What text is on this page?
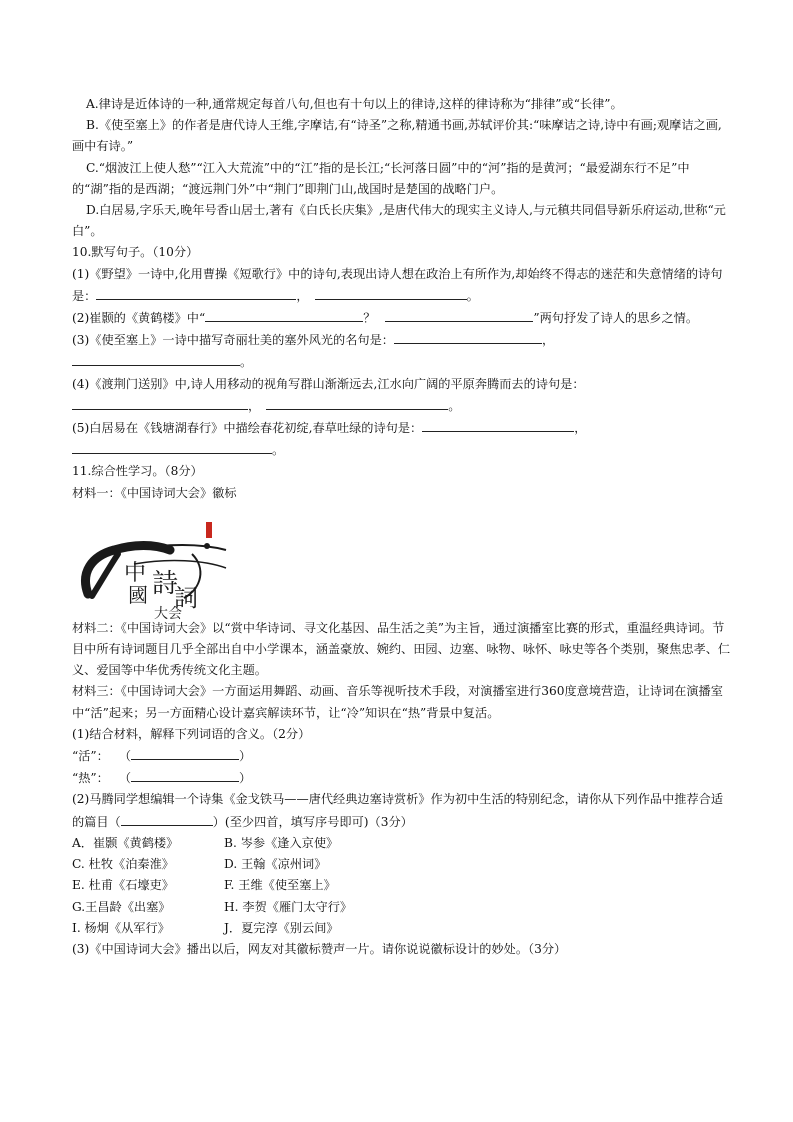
A.律诗是近体诗的一种,通常规定每首八句,但也有十句以上的律诗,这样的律诗称为“排律”或“长律”。

B.《使至塞上》的作者是唐代诗人王维,字摩诘,有“诗圣”之称,精通书画,苏轼评价其:“味摩诘之诗,诗中有画;观摩诘之画,画中有诗。”

C.“烟波江上使人愁”“江入大荒流”中的“江”指的是长江;“长河落日圆”中的“河”指的是黄河；“最爱湖东行不足”中的“湖”指的是西湖；“渡远荆门外”中“荆门”即荆门山,战国时是楚国的战略门户。

D.白居易,字乐天,晚年号香山居士,著有《白氏长庆集》,是唐代伟大的现实主义诗人,与元稹共同倡导新乐府运动,世称“元白”。

10.默写句子。（10分）

(1)《野望》一诗中,化用曹操《短歌行》中的诗句,表现出诗人想在政治上有所作为,却始终不得志的迷茫和失意情绪的诗句是：	，	。

(2)崔颢的《黄鹤楼》中“	？	”两句抒发了诗人的思乡之情。

(3)《使至塞上》一诗中描写奇丽壮美的塞外风光的名句是：	，
。

(4)《渡荆门送别》中,诗人用移动的视角写群山渐渐远去,江水向广阔的平原奔腾而去的诗句是：
，	。

(5)白居易在《钱塘湖春行》中描绘春花初绽,春草吐绿的诗句是：	，
。

11.综合性学习。（8分）

材料一：《中国诗词大会》徽标

中
國 詩
詞
大会

材料二：《中国诗词大会》以“赏中华诗词、寻文化基因、品生活之美”为主旨，通过演播室比赛的形式，重温经典诗词。节目中所有诗词题目几乎全部出自中小学课本，涵盖豪放、婉约、田园、边塞、咏物、咏怀、咏史等各个类别，聚焦忠孝、仁义、爱国等中华优秀传统文化主题。

材料三：《中国诗词大会》一方面运用舞蹈、动画、音乐等视听技术手段，对演播室进行360度意境营造，让诗词在演播室中“活”起来；另一方面精心设计嘉宾解读环节，让“冷”知识在“热”背景中复活。

(1)结合材料，解释下列词语的含义。（2分）

“活”： （	）

“热”： （	）

(2)马腾同学想编辑一个诗集《金戈铁马——唐代经典边塞诗赏析》作为初中生活的特别纪念，请你从下列作品中推荐合适的篇目（	）(至少四首，填写序号即可)（3分）

A．崔颢《黄鹤楼》	B. 岑参《逢入京使》
C. 杜牧《泊秦淮》	D. 王翰《凉州词》
E. 杜甫《石壕吏》	F. 王维《使至塞上》
G.王昌龄《出塞》	H. 李贺《雁门太守行》
I. 杨炯《从军行》	J．夏完淳《别云间》

(3)《中国诗词大会》播出以后，网友对其徽标赞声一片。请你说说徽标设计的妙处。（3分）
